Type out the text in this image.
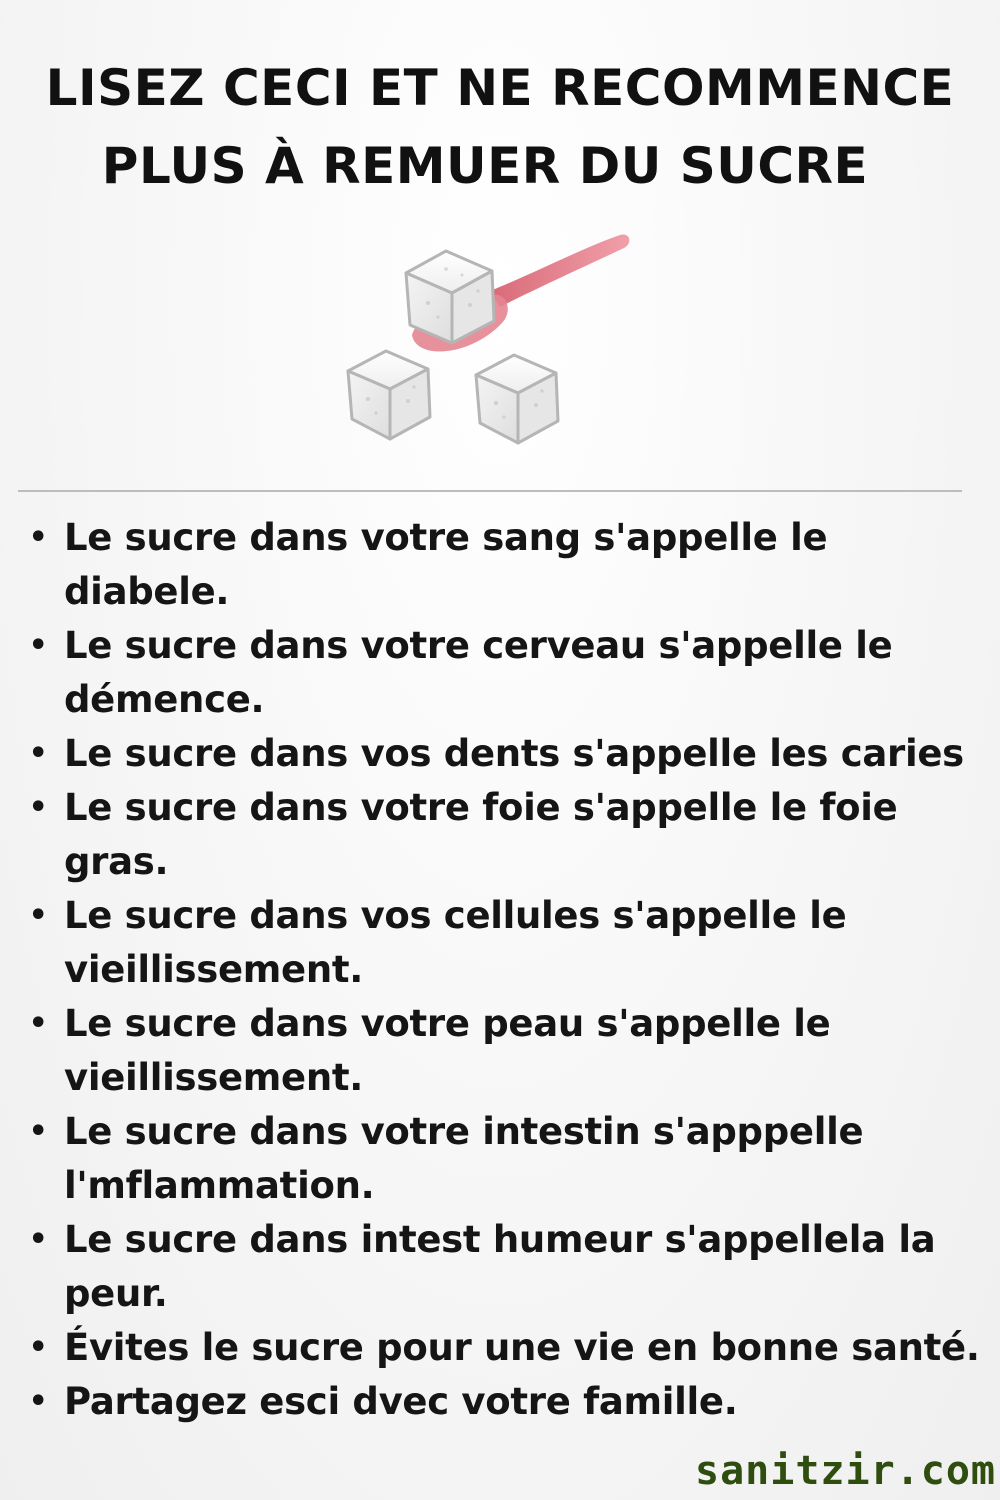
LISEZ CECI ET NE RECOMMENCE
PLUS À REMUER DU SUCRE
• Le sucre dans votre sang s'appelle le diabele.
• Le sucre dans votre cerveau s'appelle le démence.
• Le sucre dans vos dents s'appelle les caries
• Le sucre dans votre foie s'appelle le foie gras.
• Le sucre dans vos cellules s'appelle le vieillissement.
• Le sucre dans votre peau s'appelle le vieillissement.
• Le sucre dans votre intestin s'apppelle l'mflammation.
• Le sucre dans intest humeur s'appellela la peur.
• Évites le sucre pour une vie en bonne santé.
• Partagez esci dvec votre famille.
sanitzir.com
